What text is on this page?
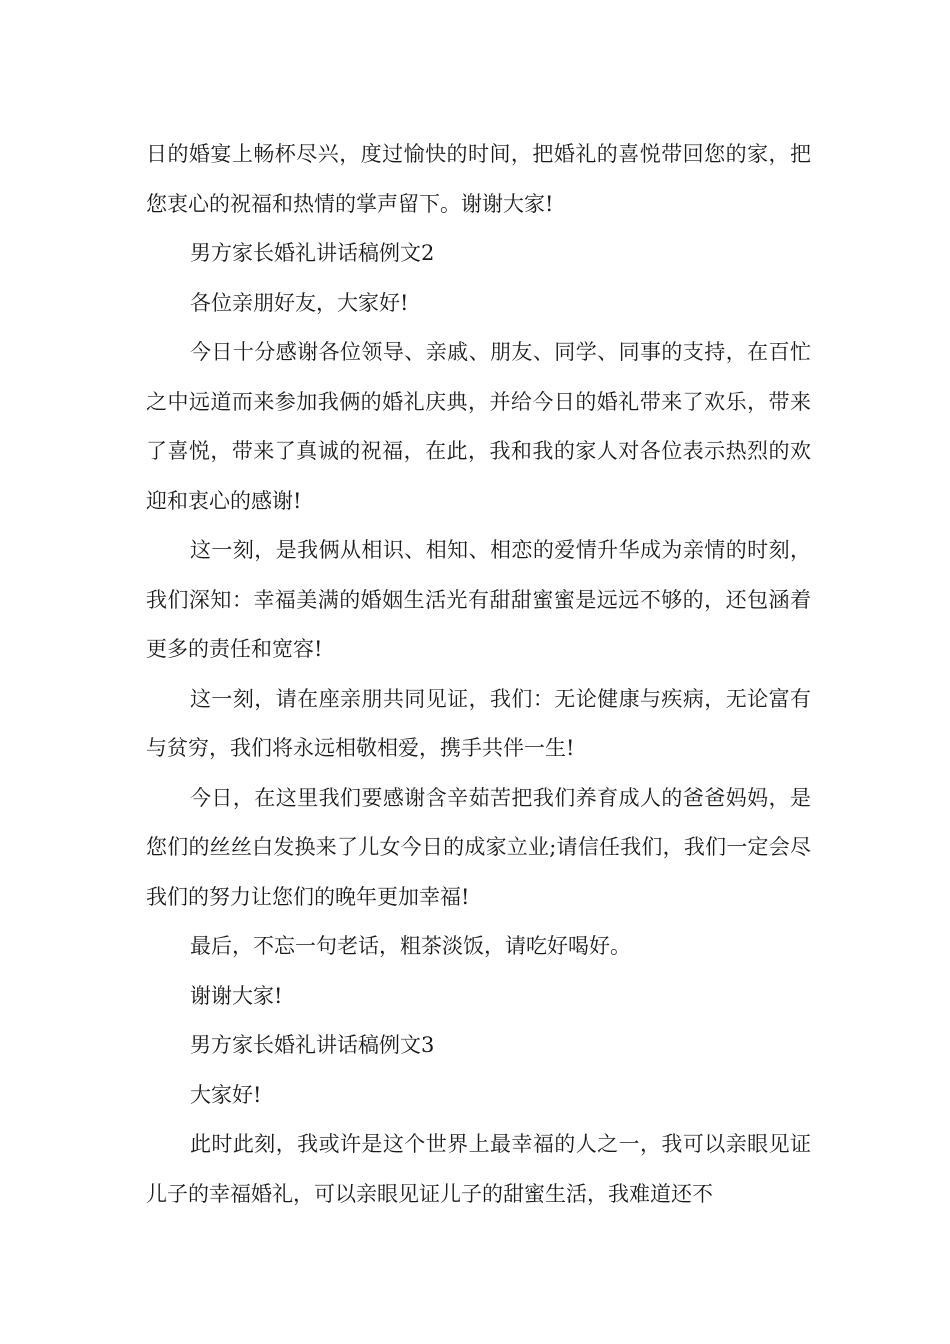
日的婚宴上畅杯尽兴，度过愉快的时间，把婚礼的喜悦带回您的家，把您衷心的祝福和热情的掌声留下。谢谢大家!

男方家长婚礼讲话稿例文2

各位亲朋好友，大家好!

今日十分感谢各位领导、亲戚、朋友、同学、同事的支持，在百忙之中远道而来参加我俩的婚礼庆典，并给今日的婚礼带来了欢乐，带来了喜悦，带来了真诚的祝福，在此，我和我的家人对各位表示热烈的欢迎和衷心的感谢!

这一刻，是我俩从相识、相知、相恋的爱情升华成为亲情的时刻，我们深知：幸福美满的婚姻生活光有甜甜蜜蜜是远远不够的，还包涵着更多的责任和宽容!

这一刻，请在座亲朋共同见证，我们：无论健康与疾病，无论富有与贫穷，我们将永远相敬相爱，携手共伴一生!

今日，在这里我们要感谢含辛茹苦把我们养育成人的爸爸妈妈，是您们的丝丝白发换来了儿女今日的成家立业;请信任我们，我们一定会尽我们的努力让您们的晚年更加幸福!

最后，不忘一句老话，粗茶淡饭，请吃好喝好。

谢谢大家!

男方家长婚礼讲话稿例文3

大家好!

此时此刻，我或许是这个世界上最幸福的人之一，我可以亲眼见证儿子的幸福婚礼，可以亲眼见证儿子的甜蜜生活，我难道还不
